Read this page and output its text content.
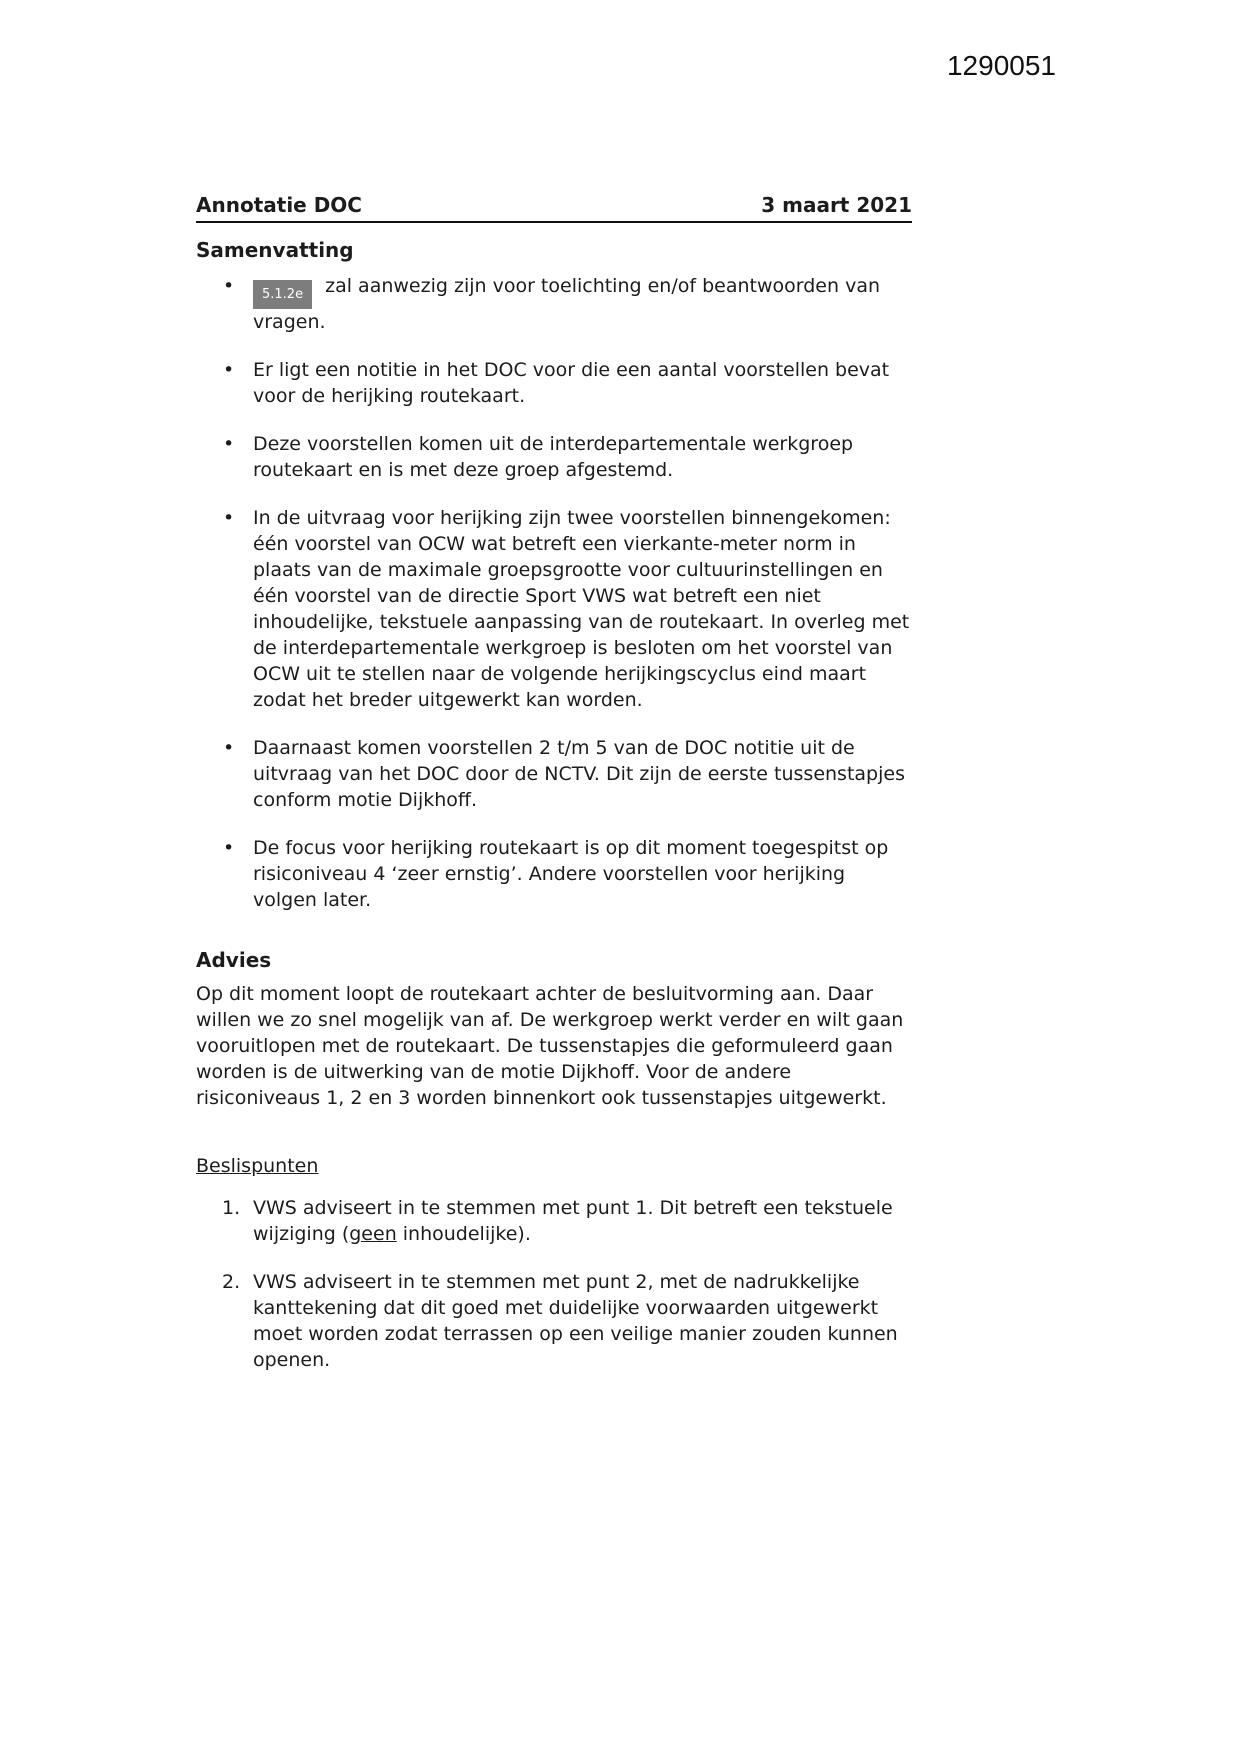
1290051
Annotatie DOC	3 maart 2021
Samenvatting
• 5.1.2e zal aanwezig zijn voor toelichting en/of beantwoorden van vragen.
• Er ligt een notitie in het DOC voor die een aantal voorstellen bevat voor de herijking routekaart.
• Deze voorstellen komen uit de interdepartementale werkgroep routekaart en is met deze groep afgestemd.
• In de uitvraag voor herijking zijn twee voorstellen binnengekomen: één voorstel van OCW wat betreft een vierkante-meter norm in plaats van de maximale groepsgrootte voor cultuurinstellingen en één voorstel van de directie Sport VWS wat betreft een niet inhoudelijke, tekstuele aanpassing van de routekaart. In overleg met de interdepartementale werkgroep is besloten om het voorstel van OCW uit te stellen naar de volgende herijkingscyclus eind maart zodat het breder uitgewerkt kan worden.
• Daarnaast komen voorstellen 2 t/m 5 van de DOC notitie uit de uitvraag van het DOC door de NCTV. Dit zijn de eerste tussenstapjes conform motie Dijkhoff.
• De focus voor herijking routekaart is op dit moment toegespitst op risiconiveau 4 ‘zeer ernstig’. Andere voorstellen voor herijking volgen later.
Advies

Op dit moment loopt de routekaart achter de besluitvorming aan. Daar willen we zo snel mogelijk van af. De werkgroep werkt verder en wilt gaan vooruitlopen met de routekaart. De tussenstapjes die geformuleerd gaan worden is de uitwerking van de motie Dijkhoff. Voor de andere risiconiveaus 1, 2 en 3 worden binnenkort ook tussenstapjes uitgewerkt.

Beslispunten
1. VWS adviseert in te stemmen met punt 1. Dit betreft een tekstuele wijziging (geen inhoudelijke).
2. VWS adviseert in te stemmen met punt 2, met de nadrukkelijke kanttekening dat dit goed met duidelijke voorwaarden uitgewerkt moet worden zodat terrassen op een veilige manier zouden kunnen openen.
